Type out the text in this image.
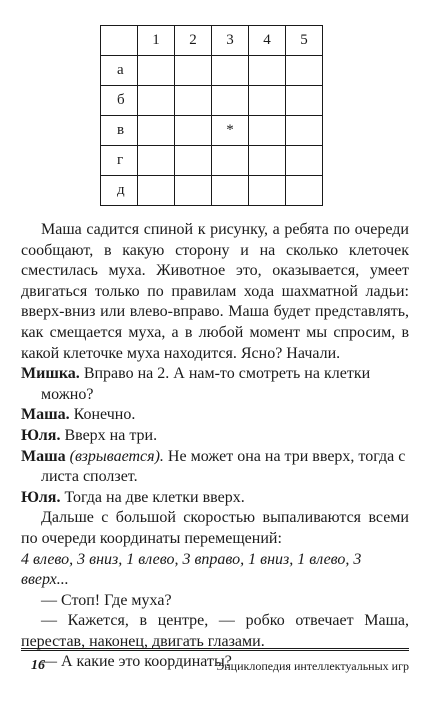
	1	2	3	4	5
а					
б					
в			*		
г					
д					

Маша садится спиной к рисунку, а ребята по очереди сообщают, в какую сторону и на сколько клеточек сместилась муха. Животное это, оказывается, умеет двигаться только по правилам хода шахматной ладьи: вверх-вниз или влево-вправо. Маша будет представлять, как смещается муха, а в любой момент мы спросим, в какой клеточке муха находится. Ясно? Начали.

Мишка. Вправо на 2. А нам-то смотреть на клетки можно?

Маша. Конечно.

Юля. Вверх на три.

Маша (взрывается). Не может она на три вверх, тогда с листа сползет.

Юля. Тогда на две клетки вверх.

Дальше с большой скоростью выпаливаются всеми по очереди координаты перемещений:

4 влево, 3 вниз, 1 влево, 3 вправо, 1 вниз, 1 влево, 3 вверх...

— Стоп! Где муха?

— Кажется, в центре, — робко отвечает Маша, перестав, наконец, двигать глазами.

— А какие это координаты?

16	Энциклопедия интеллектуальных игр
